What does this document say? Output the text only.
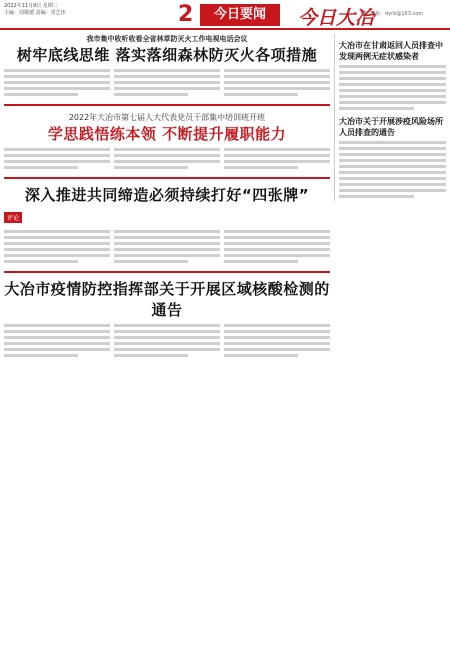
2022年11月9日 星期三
主编：周敬德 责编：常艺伟	2	今日要闻	今日大冶
电子邮箱：dyrb@163.com
我市集中收听收看全省林草防灭火工作电视电话会议
树牢底线思维 落实落细森林防灭火各项措施
2022年大冶市第七届人大代表党员干部集中培训班开班
学思践悟练本领 不断提升履职能力
深入推进共同缔造必须持续打好“四张牌”
评论
大冶市疫情防控指挥部关于开展区域核酸检测的通告
大冶市在甘肃返回人员排查中发现两例无症状感染者
大冶市关于开展涉疫风险场所人员排查的通告
